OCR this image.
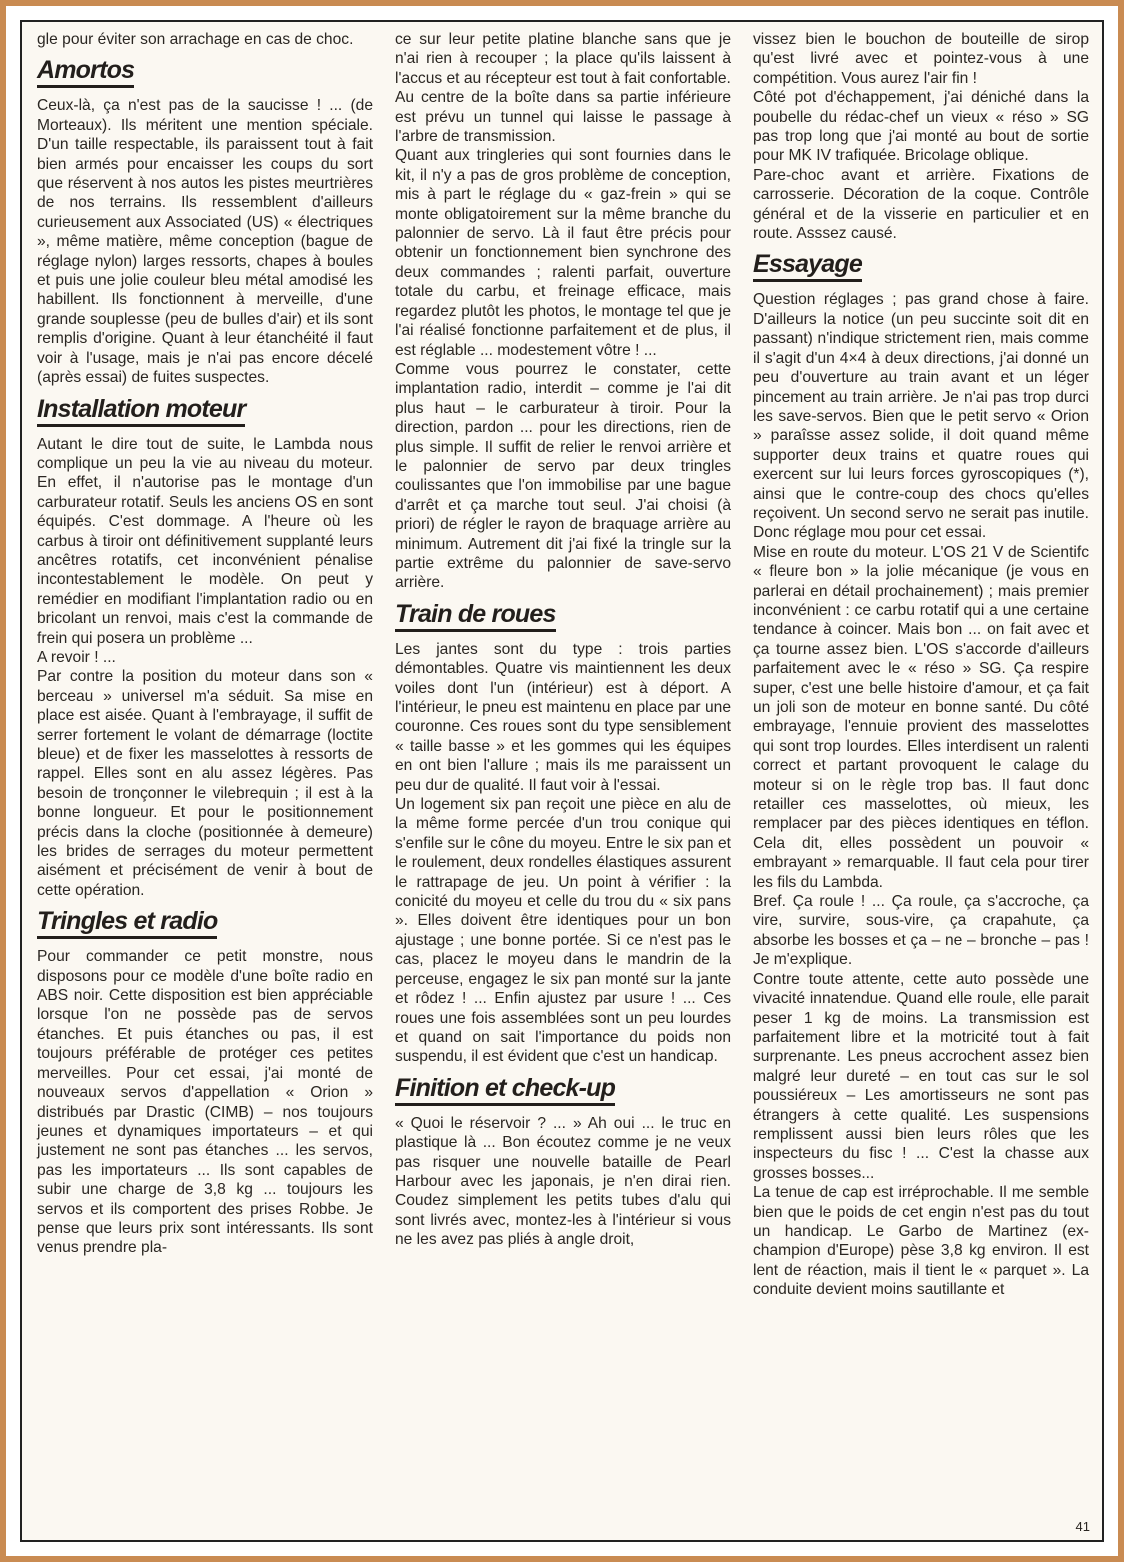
gle pour éviter son arrachage en cas de choc.

Amortos

Ceux-là, ça n'est pas de la saucisse ! ... (de Morteaux). Ils méritent une mention spéciale. D'un taille respectable, ils paraissent tout à fait bien armés pour encaisser les coups du sort que réservent à nos autos les pistes meurtrières de nos terrains. Ils ressemblent d'ailleurs curieusement aux Associated (US) « électriques », même matière, même conception (bague de réglage nylon) larges ressorts, chapes à boules et puis une jolie couleur bleu métal amodisé les habillent. Ils fonctionnent à merveille, d'une grande souplesse (peu de bulles d'air) et ils sont remplis d'origine. Quant à leur étanchéité il faut voir à l'usage, mais je n'ai pas encore décelé (après essai) de fuites suspectes.

Installation moteur

Autant le dire tout de suite, le Lambda nous complique un peu la vie au niveau du moteur. En effet, il n'autorise pas le montage d'un carburateur rotatif. Seuls les anciens OS en sont équipés. C'est dommage. A l'heure où les carbus à tiroir ont définitivement supplanté leurs ancêtres rotatifs, cet inconvénient pénalise incontestablement le modèle. On peut y remédier en modifiant l'implantation radio ou en bricolant un renvoi, mais c'est la commande de frein qui posera un problème ...

A revoir ! ...

Par contre la position du moteur dans son « berceau » universel m'a séduit. Sa mise en place est aisée. Quant à l'embrayage, il suffit de serrer fortement le volant de démarrage (loctite bleue) et de fixer les masselottes à ressorts de rappel. Elles sont en alu assez légères. Pas besoin de tronçonner le vilebrequin ; il est à la bonne longueur. Et pour le positionnement précis dans la cloche (positionnée à demeure) les brides de serrages du moteur permettent aisément et précisément de venir à bout de cette opération.

Tringles et radio

Pour commander ce petit monstre, nous disposons pour ce modèle d'une boîte radio en ABS noir. Cette disposition est bien appréciable lorsque l'on ne possède pas de servos étanches. Et puis étanches ou pas, il est toujours préférable de protéger ces petites merveilles. Pour cet essai, j'ai monté de nouveaux servos d'appellation « Orion » distribués par Drastic (CIMB) – nos toujours jeunes et dynamiques importateurs – et qui justement ne sont pas étanches ... les servos, pas les importateurs ... Ils sont capables de subir une charge de 3,8 kg ... toujours les servos et ils comportent des prises Robbe. Je pense que leurs prix sont intéressants. Ils sont venus prendre pla-

ce sur leur petite platine blanche sans que je n'ai rien à recouper ; la place qu'ils laissent à l'accus et au récepteur est tout à fait confortable.

Au centre de la boîte dans sa partie inférieure est prévu un tunnel qui laisse le passage à l'arbre de transmission.

Quant aux tringleries qui sont fournies dans le kit, il n'y a pas de gros problème de conception, mis à part le réglage du « gaz-frein » qui se monte obligatoirement sur la même branche du palonnier de servo. Là il faut être précis pour obtenir un fonctionnement bien synchrone des deux commandes ; ralenti parfait, ouverture totale du carbu, et freinage efficace, mais regardez plutôt les photos, le montage tel que je l'ai réalisé fonctionne parfaitement et de plus, il est réglable ... modestement vôtre ! ...

Comme vous pourrez le constater, cette implantation radio, interdit – comme je l'ai dit plus haut – le carburateur à tiroir. Pour la direction, pardon ... pour les directions, rien de plus simple. Il suffit de relier le renvoi arrière et le palonnier de servo par deux tringles coulissantes que l'on immobilise par une bague d'arrêt et ça marche tout seul. J'ai choisi (à priori) de régler le rayon de braquage arrière au minimum. Autrement dit j'ai fixé la tringle sur la partie extrême du palonnier de save-servo arrière.

Train de roues

Les jantes sont du type : trois parties démontables. Quatre vis maintiennent les deux voiles dont l'un (intérieur) est à déport. A l'intérieur, le pneu est maintenu en place par une couronne. Ces roues sont du type sensiblement « taille basse » et les gommes qui les équipes en ont bien l'allure ; mais ils me paraissent un peu dur de qualité. Il faut voir à l'essai.

Un logement six pan reçoit une pièce en alu de la même forme percée d'un trou conique qui s'enfile sur le cône du moyeu. Entre le six pan et le roulement, deux rondelles élastiques assurent le rattrapage de jeu. Un point à vérifier : la conicité du moyeu et celle du trou du « six pans ». Elles doivent être identiques pour un bon ajustage ; une bonne portée. Si ce n'est pas le cas, placez le moyeu dans le mandrin de la perceuse, engagez le six pan monté sur la jante et rôdez ! ... Enfin ajustez par usure ! ... Ces roues une fois assemblées sont un peu lourdes et quand on sait l'importance du poids non suspendu, il est évident que c'est un handicap.

Finition et check-up

« Quoi le réservoir ? ... » Ah oui ... le truc en plastique là ... Bon écoutez comme je ne veux pas risquer une nouvelle bataille de Pearl Harbour avec les japonais, je n'en dirai rien. Coudez simplement les petits tubes d'alu qui sont livrés avec, montez-les à l'intérieur si vous ne les avez pas pliés à angle droit,

vissez bien le bouchon de bouteille de sirop qu'est livré avec et pointez-vous à une compétition. Vous aurez l'air fin !

Côté pot d'échappement, j'ai déniché dans la poubelle du rédac-chef un vieux « réso » SG pas trop long que j'ai monté au bout de sortie pour MK IV trafiquée. Bricolage oblique.

Pare-choc avant et arrière. Fixations de carrosserie. Décoration de la coque. Contrôle général et de la visserie en particulier et en route. Asssez causé.

Essayage

Question réglages ; pas grand chose à faire. D'ailleurs la notice (un peu succinte soit dit en passant) n'indique strictement rien, mais comme il s'agit d'un 4×4 à deux directions, j'ai donné un peu d'ouverture au train avant et un léger pincement au train arrière. Je n'ai pas trop durci les save-servos. Bien que le petit servo « Orion » paraîsse assez solide, il doit quand même supporter deux trains et quatre roues qui exercent sur lui leurs forces gyroscopiques (*), ainsi que le contre-coup des chocs qu'elles reçoivent. Un second servo ne serait pas inutile. Donc réglage mou pour cet essai.

Mise en route du moteur. L'OS 21 V de Scientifc « fleure bon » la jolie mécanique (je vous en parlerai en détail prochainement) ; mais premier inconvénient : ce carbu rotatif qui a une certaine tendance à coincer. Mais bon ... on fait avec et ça tourne assez bien. L'OS s'accorde d'ailleurs parfaitement avec le « réso » SG. Ça respire super, c'est une belle histoire d'amour, et ça fait un joli son de moteur en bonne santé. Du côté embrayage, l'ennuie provient des masselottes qui sont trop lourdes. Elles interdisent un ralenti correct et partant provoquent le calage du moteur si on le règle trop bas. Il faut donc retailler ces masselottes, où mieux, les remplacer par des pièces identiques en téflon. Cela dit, elles possèdent un pouvoir « embrayant » remarquable. Il faut cela pour tirer les fils du Lambda.

Bref. Ça roule ! ... Ça roule, ça s'accroche, ça vire, survire, sous-vire, ça crapahute, ça absorbe les bosses et ça – ne – bronche – pas ! Je m'explique.

Contre toute attente, cette auto possède une vivacité innatendue. Quand elle roule, elle parait peser 1 kg de moins. La transmission est parfaitement libre et la motricité tout à fait surprenante. Les pneus accrochent assez bien malgré leur dureté – en tout cas sur le sol poussiéreux – Les amortisseurs ne sont pas étrangers à cette qualité. Les suspensions remplissent aussi bien leurs rôles que les inspecteurs du fisc ! ... C'est la chasse aux grosses bosses...

La tenue de cap est irréprochable. Il me semble bien que le poids de cet engin n'est pas du tout un handicap. Le Garbo de Martinez (ex-champion d'Europe) pèse 3,8 kg environ. Il est lent de réaction, mais il tient le « parquet ». La conduite devient moins sautillante et

41
